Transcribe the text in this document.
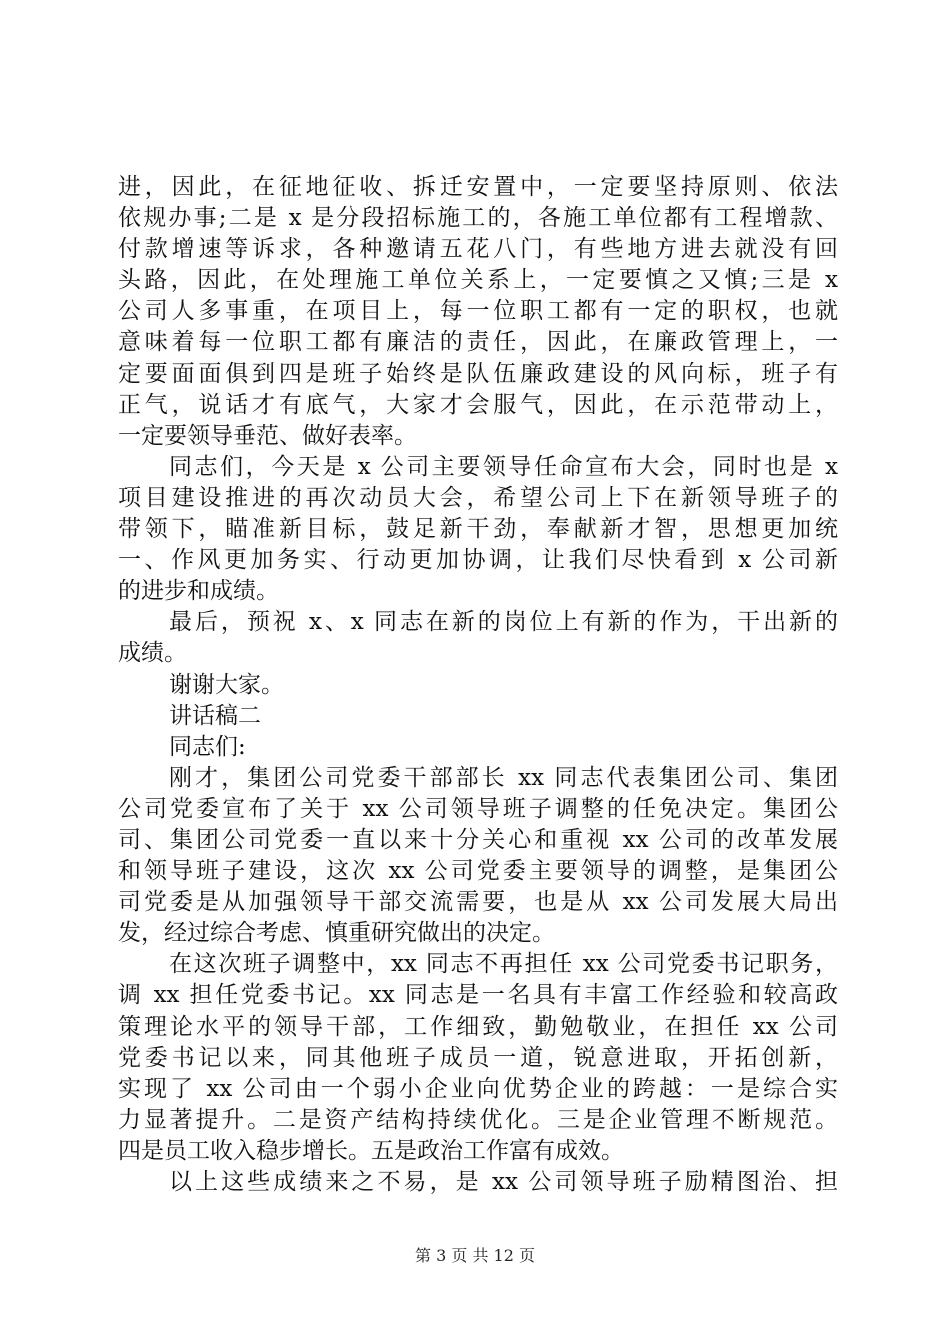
进，因此，在征地征收、拆迁安置中，一定要坚持原则、依法
依规办事;二是 x 是分段招标施工的，各施工单位都有工程增款、
付款增速等诉求，各种邀请五花八门，有些地方进去就没有回
头路，因此，在处理施工单位关系上，一定要慎之又慎;三是 x
公司人多事重，在项目上，每一位职工都有一定的职权，也就
意味着每一位职工都有廉洁的责任，因此，在廉政管理上，一
定要面面俱到四是班子始终是队伍廉政建设的风向标，班子有
正气，说话才有底气，大家才会服气，因此，在示范带动上，
一定要领导垂范、做好表率。
同志们，今天是 x 公司主要领导任命宣布大会，同时也是 x
项目建设推进的再次动员大会，希望公司上下在新领导班子的
带领下，瞄准新目标，鼓足新干劲，奉献新才智，思想更加统
一、作风更加务实、行动更加协调，让我们尽快看到 x 公司新
的进步和成绩。
最后，预祝 x、x 同志在新的岗位上有新的作为，干出新的
成绩。
谢谢大家。
讲话稿二
同志们:
刚才，集团公司党委干部部长 xx 同志代表集团公司、集团
公司党委宣布了关于 xx 公司领导班子调整的任免决定。集团公
司、集团公司党委一直以来十分关心和重视 xx 公司的改革发展
和领导班子建设，这次 xx 公司党委主要领导的调整，是集团公
司党委是从加强领导干部交流需要，也是从 xx 公司发展大局出
发，经过综合考虑、慎重研究做出的决定。
在这次班子调整中，xx 同志不再担任 xx 公司党委书记职务，
调 xx 担任党委书记。xx 同志是一名具有丰富工作经验和较高政
策理论水平的领导干部，工作细致，勤勉敬业，在担任 xx 公司
党委书记以来，同其他班子成员一道，锐意进取，开拓创新，
实现了 xx 公司由一个弱小企业向优势企业的跨越：一是综合实
力显著提升。二是资产结构持续优化。三是企业管理不断规范。
四是员工收入稳步增长。五是政治工作富有成效。
以上这些成绩来之不易，是 xx 公司领导班子励精图治、担
第 3 页 共 12 页
